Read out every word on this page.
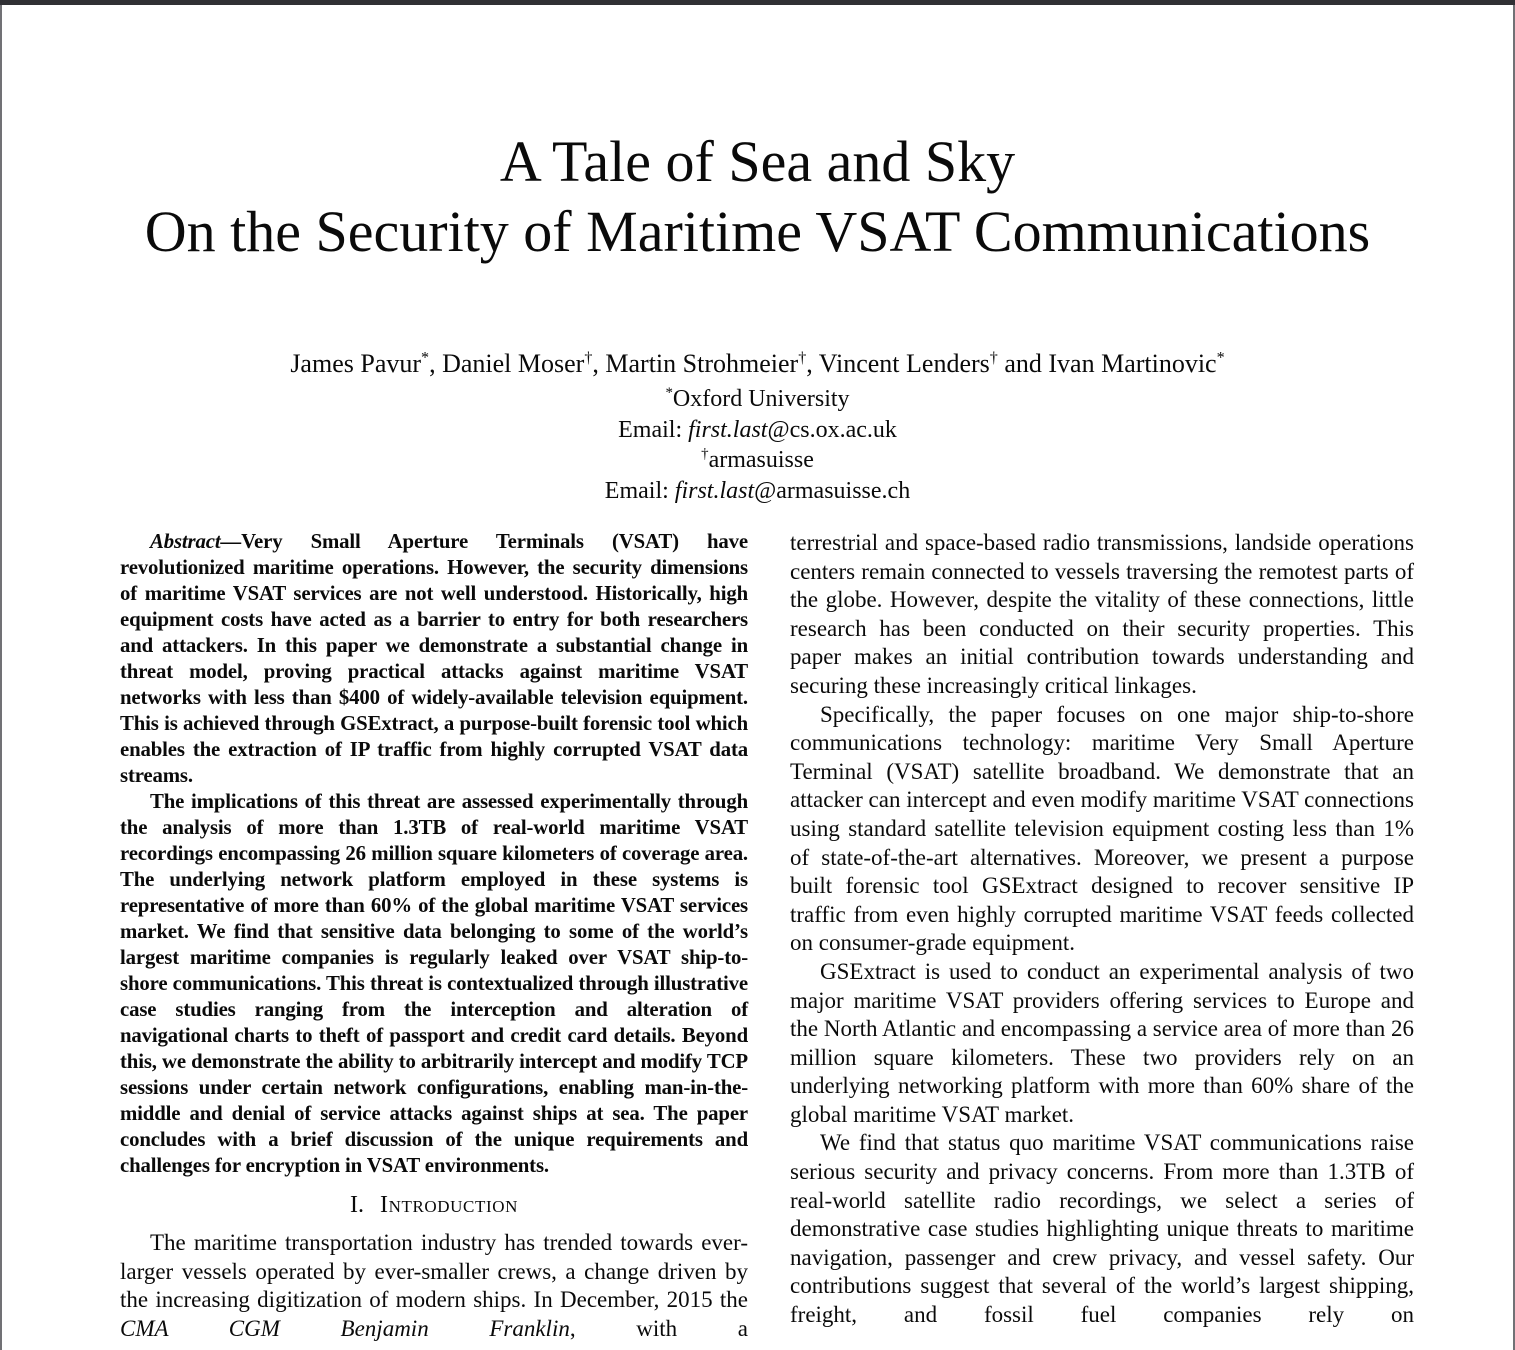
A Tale of Sea and Sky
On the Security of Maritime VSAT Communications
James Pavur*, Daniel Moser†, Martin Strohmeier†, Vincent Lenders† and Ivan Martinovic*
*Oxford University
Email: first.last@cs.ox.ac.uk
†armasuisse
Email: first.last@armasuisse.ch

Abstract—Very Small Aperture Terminals (VSAT) have revolutionized maritime operations. However, the security dimensions of maritime VSAT services are not well understood. Historically, high equipment costs have acted as a barrier to entry for both researchers and attackers. In this paper we demonstrate a substantial change in threat model, proving practical attacks against maritime VSAT networks with less than $400 of widely-available television equipment. This is achieved through GSExtract, a purpose-built forensic tool which enables the extraction of IP traffic from highly corrupted VSAT data streams.

The implications of this threat are assessed experimentally through the analysis of more than 1.3TB of real-world maritime VSAT recordings encompassing 26 million square kilometers of coverage area. The underlying network platform employed in these systems is representative of more than 60% of the global maritime VSAT services market. We find that sensitive data belonging to some of the world’s largest maritime companies is regularly leaked over VSAT ship-to-shore communications. This threat is contextualized through illustrative case studies ranging from the interception and alteration of navigational charts to theft of passport and credit card details. Beyond this, we demonstrate the ability to arbitrarily intercept and modify TCP sessions under certain network configurations, enabling man-in-the-middle and denial of service attacks against ships at sea. The paper concludes with a brief discussion of the unique requirements and challenges for encryption in VSAT environments.

I. Introduction

The maritime transportation industry has trended towards ever-larger vessels operated by ever-smaller crews, a change driven by the increasing digitization of modern ships. In December, 2015 the CMA CGM Benjamin Franklin, with a

terrestrial and space-based radio transmissions, landside operations centers remain connected to vessels traversing the remotest parts of the globe. However, despite the vitality of these connections, little research has been conducted on their security properties. This paper makes an initial contribution towards understanding and securing these increasingly critical linkages.

Specifically, the paper focuses on one major ship-to-shore communications technology: maritime Very Small Aperture Terminal (VSAT) satellite broadband. We demonstrate that an attacker can intercept and even modify maritime VSAT connections using standard satellite television equipment costing less than 1% of state-of-the-art alternatives. Moreover, we present a purpose built forensic tool GSExtract designed to recover sensitive IP traffic from even highly corrupted maritime VSAT feeds collected on consumer-grade equipment.

GSExtract is used to conduct an experimental analysis of two major maritime VSAT providers offering services to Europe and the North Atlantic and encompassing a service area of more than 26 million square kilometers. These two providers rely on an underlying networking platform with more than 60% share of the global maritime VSAT market.

We find that status quo maritime VSAT communications raise serious security and privacy concerns. From more than 1.3TB of real-world satellite radio recordings, we select a series of demonstrative case studies highlighting unique threats to maritime navigation, passenger and crew privacy, and vessel safety. Our contributions suggest that several of the world’s largest shipping, freight, and fossil fuel companies rely on
